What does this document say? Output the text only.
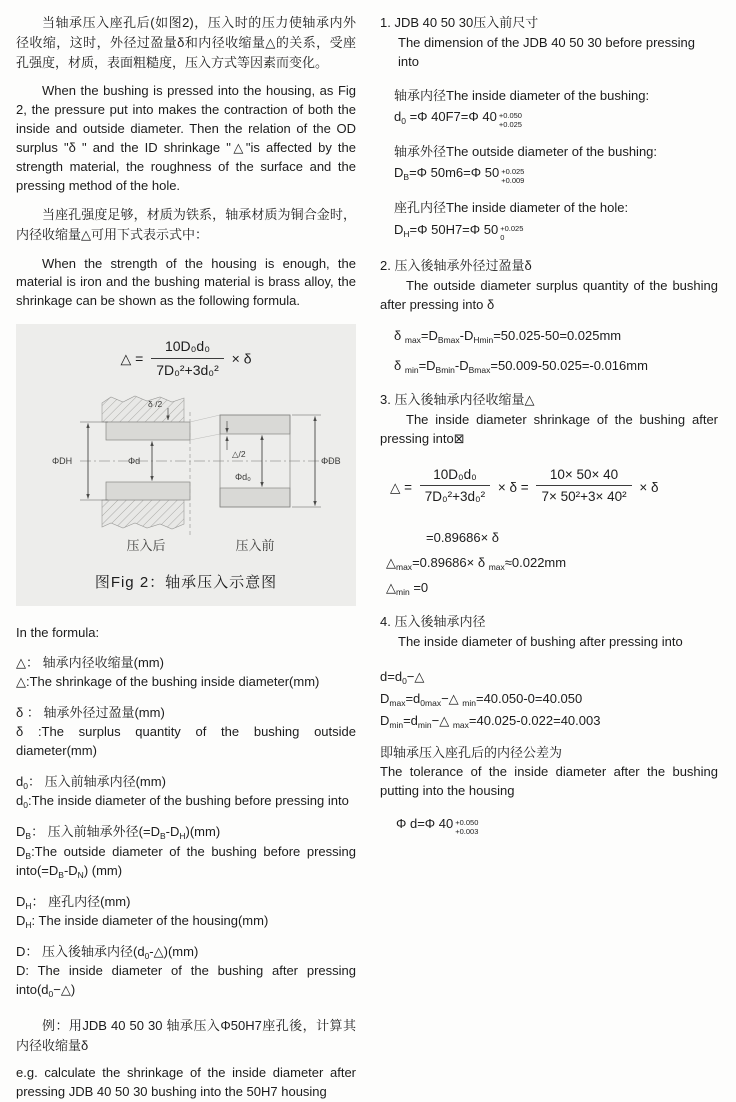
当轴承压入座孔后(如图2)，压入时的压力使轴承内外径收缩，这时，外径过盈量δ和内径收缩量△的关系，受座孔强度，材质，表面粗糙度，压入方式等因素而变化。

When the bushing is pressed into the housing, as Fig 2, the pressure put into makes the contraction of both the inside and outside diameter. Then the relation of the OD surplus "δ " and the ID shrinkage "△"is affected by the strength material, the roughness of the surface and the pressing method of the hole.

当座孔强度足够，材质为铁系，轴承材质为铜合金时，内径收缩量△可用下式表示式中：

When the strength of the housing is enough, the material is iron and the bushing material is brass alloy, the shrinkage can be shown as the following formula.

△ = $\frac{\text{10D₀d₀}}{\text{7D₀²+3d₀²}} \times \delta$
ΦDH	Φd
δ /2
△/2
Φd₀
ΦDB
压入后	压入前
图Fig 2：轴承压入示意图

In the formula:

△： 轴承内径收缩量(mm)

△:The shrinkage of the bushing inside diameter(mm)

δ ： 轴承外径过盈量(mm)

δ :The surplus quantity of the bushing outside diameter(mm)

$d_0$： 压入前轴承内径(mm)

$d_0:The$ inside diameter of the bushing before pressing into

$D_B$： 压入前轴承外径$(=D_B-D_H)(mm)$

$D_B:The$ outside diameter of the bushing before pressing $into(=D_B-D_N)$ (mm)

$D_H$： 座孔内径(mm)

$D_H$: The inside diameter of the housing(mm)

D： 压入後轴承内径$(d_0-\triangle)(mm)$

D: The inside diameter of the bushing after pressing $into(d_0-\triangle)$

例：用JDB 40 50 30 轴承压入Φ50H7座孔後，计算其内径收缩量δ

e.g. calculate the shrinkage of the inside diameter after pressing JDB 40 50 30 bushing into the 50H7 housing

1. JDB 40 50 30压入前尺寸

The dimension of the JDB 40 50 30 before pressing into

轴承内径The inside diameter of the bushing:

$d_0 =\Phi$ 40F7=Φ 40 +0.050
+0.025

轴承外径The outside diameter of the bushing:

$D_B=\Phi$ 50m6=Φ 50 +0.025
+0.009

座孔内径The inside diameter of the hole:

$D_H=\Phi$ 50H7=Φ 50 +0.025
0

2. 压入後轴承外径过盈量δ

The outside diameter surplus quantity of the bushing after pressing into δ

δ $_{max}=D_{Bmax}-D_{Hmin}=50.025-50=0.025mm$

δ $_{min}=D_{Bmin}-D_{Bmax}=50.009-50.025=-0.016mm$

3. 压入後轴承内径收缩量△

The inside diameter shrinkage of the bushing after pressing into⊠

△ = $\frac{\text{10D₀d₀}}{\text{7D₀²+3d₀²}} \times \delta = \frac{10\times 50\times 40}{\text{7× 50²+3× 40²}} \times \delta$

=0.89686× δ

$\triangle_{max}=0.89686\times \delta$ $_{max}$≈0.022mm

$\triangle_{min} =0$

4. 压入後轴承内径

The inside diameter of bushing after pressing into

$d=d_0-\triangle$

$D_{max}=d_{0max}-\triangle$ $_{min}$=40.050-0=40.050

$D_{min}=d_{min}-\triangle$ $_{max}$=40.025-0.022=40.003

即轴承压入座孔后的内径公差为

The tolerance of the inside diameter after the bushing putting into the housing

Φ d=Φ 40 +0.050
+0.003
